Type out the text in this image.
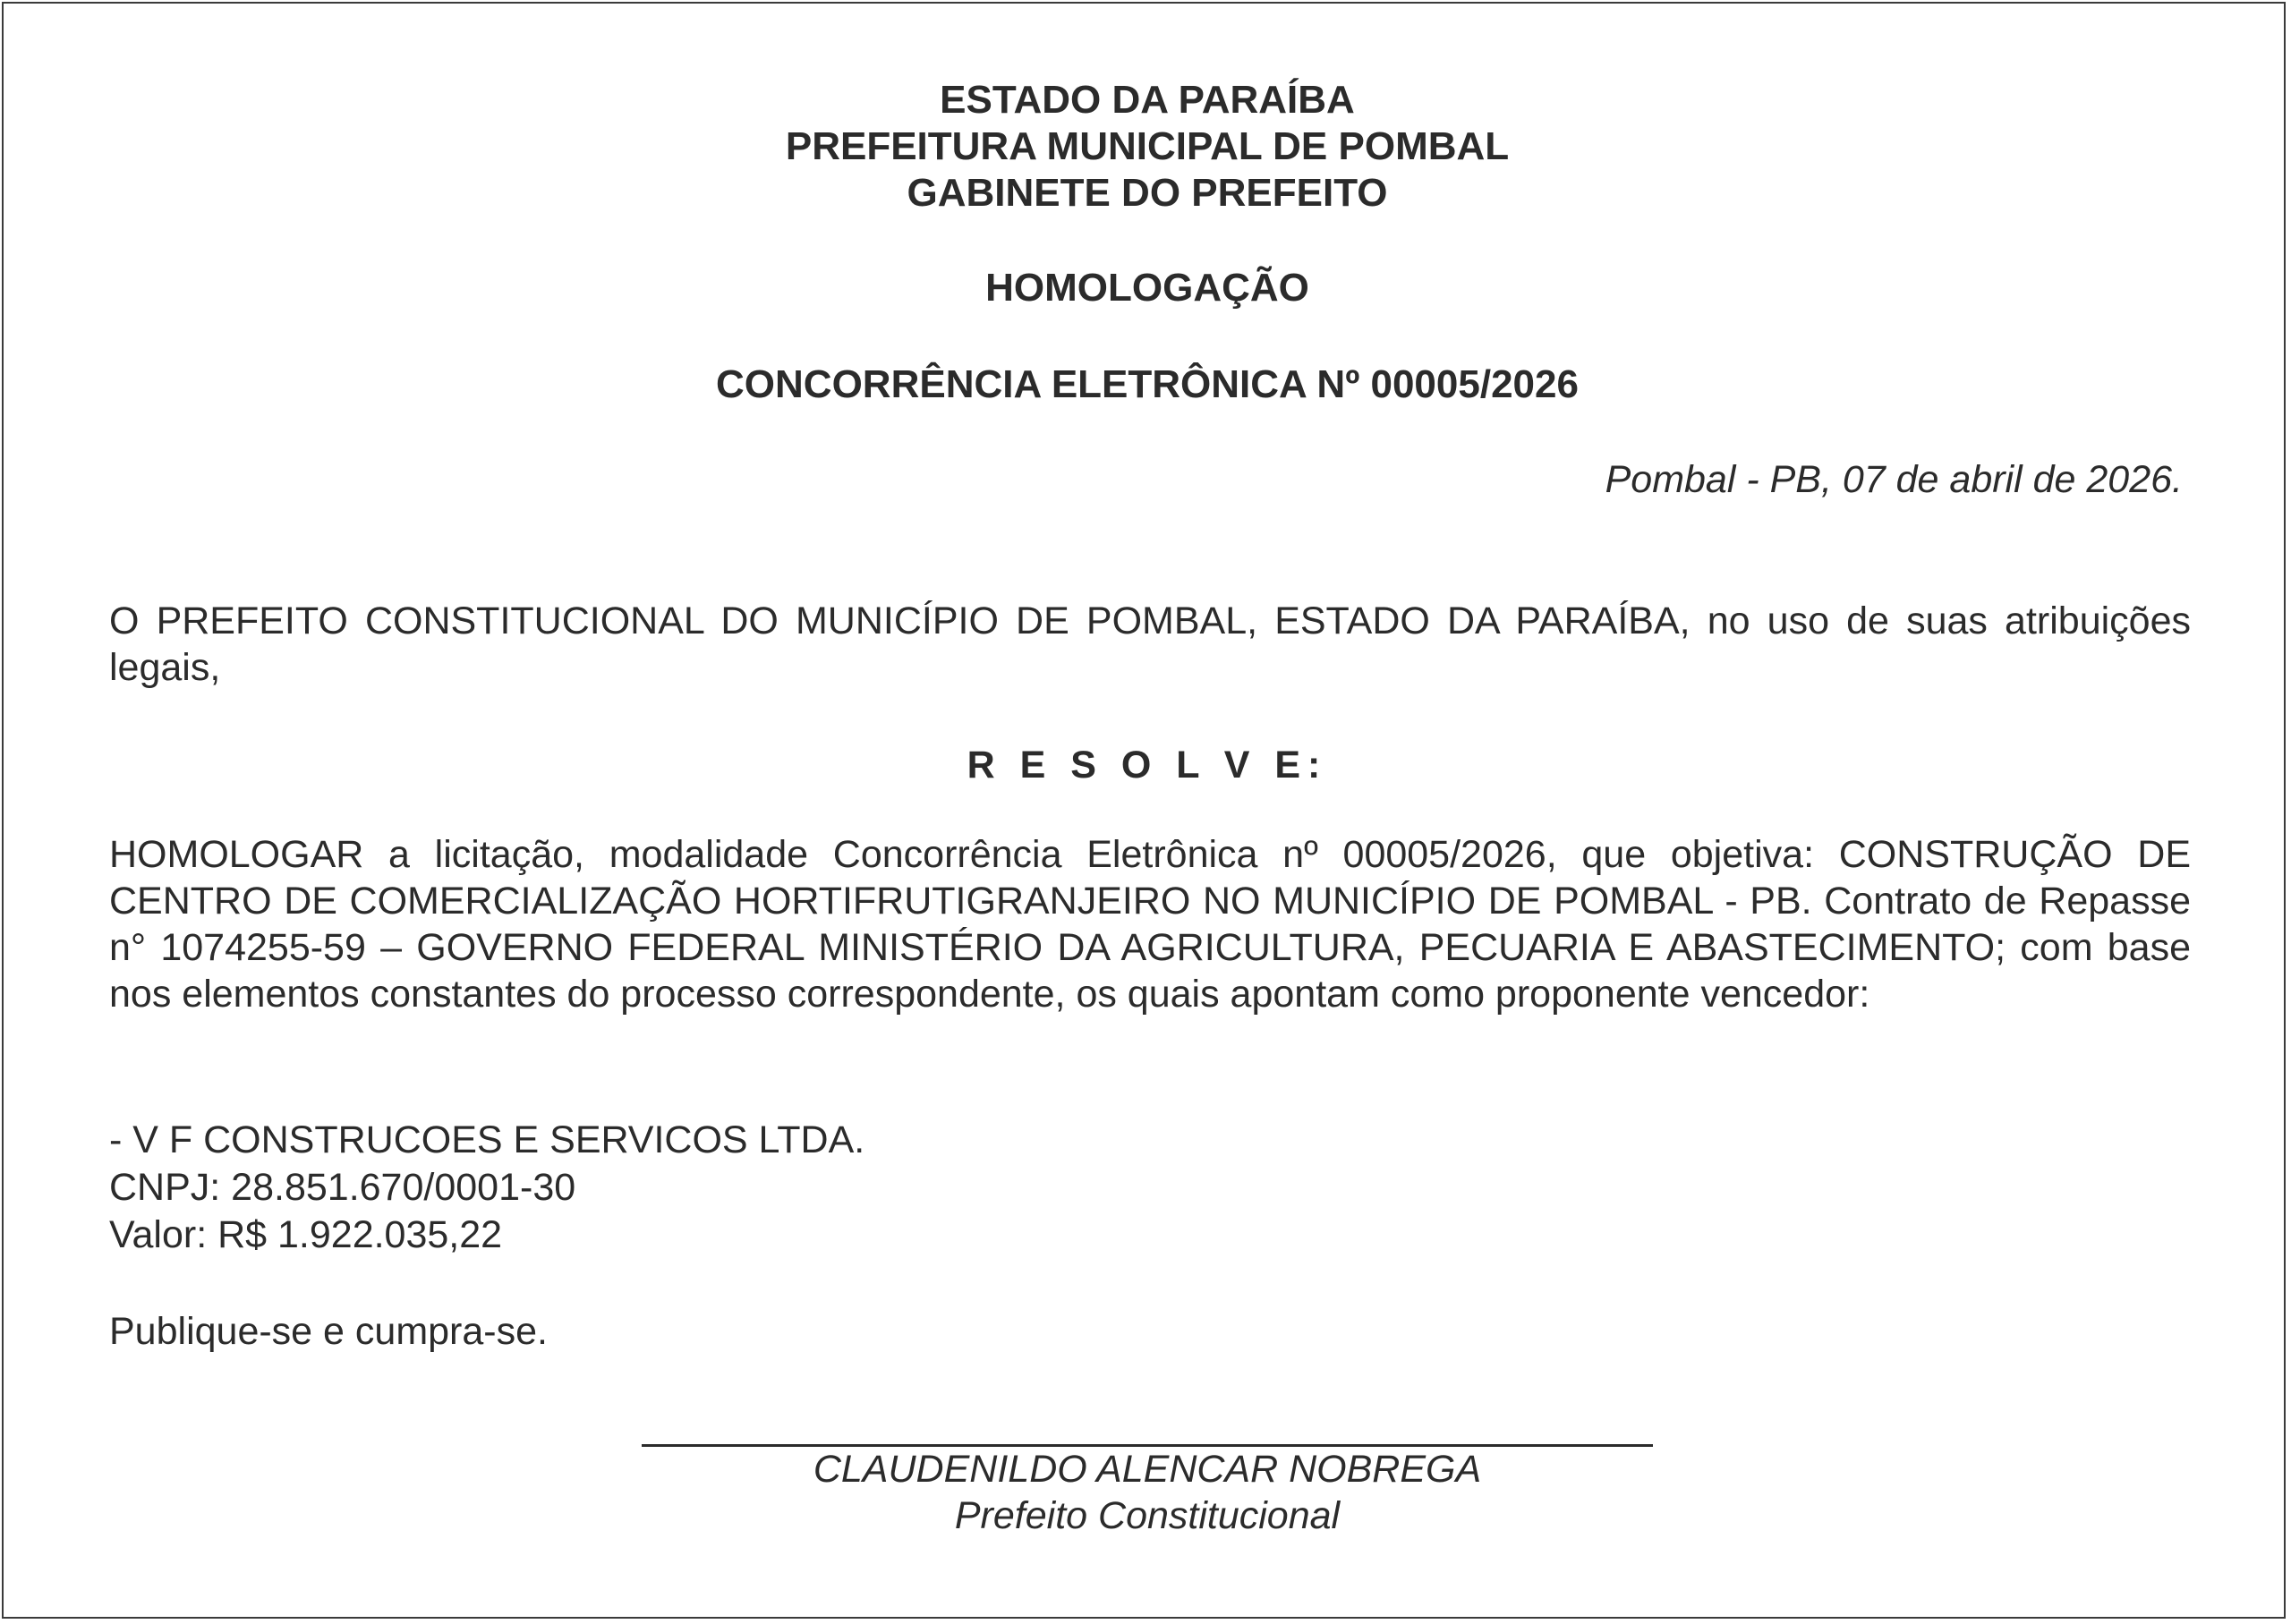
ESTADO DA PARAÍBA
PREFEITURA MUNICIPAL DE POMBAL
GABINETE DO PREFEITO
HOMOLOGAÇÃO
CONCORRÊNCIA ELETRÔNICA Nº 00005/2026
Pombal - PB, 07 de abril de 2026.
O PREFEITO CONSTITUCIONAL DO MUNICÍPIO DE POMBAL, ESTADO DA PARAÍBA, no uso de suas atribuições legais,
R E S O L V E:
HOMOLOGAR a licitação, modalidade Concorrência Eletrônica nº 00005/2026, que objetiva: CONSTRUÇÃO DE CENTRO DE COMERCIALIZAÇÃO HORTIFRUTIGRANJEIRO NO MUNICÍPIO DE POMBAL - PB. Contrato de Repasse n° 1074255-59 – GOVERNO FEDERAL MINISTÉRIO DA AGRICULTURA, PECUARIA E ABASTECIMENTO; com base nos elementos constantes do processo correspondente, os quais apontam como proponente vencedor:
- V F CONSTRUCOES E SERVICOS LTDA.
CNPJ: 28.851.670/0001-30
Valor: R$ 1.922.035,22
Publique-se e cumpra-se.
CLAUDENILDO ALENCAR NOBREGA
Prefeito Constitucional
